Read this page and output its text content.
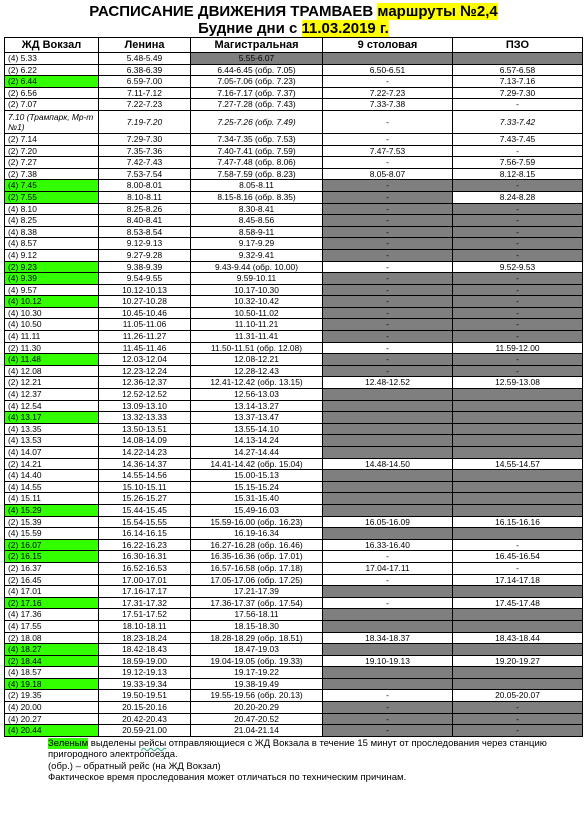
РАСПИСАНИЕ ДВИЖЕНИЯ ТРАМВАЕВ маршруты №2,4
Будние дни с 11.03.2019 г.
ЖД Вокзал	Ленина	Магистральная	9 столовая	ПЗО
(4) 5.33	5.48-5.49	5.55-6.07		
(2) 6.22	6.38-6.39	6.44-6.45 (обр. 7.05)	6.50-6.51	6.57-6.58
(2) 6.44	6.59-7.00	7.05-7.06 (обр. 7.23)	-	7.13-7.16
(2) 6.56	7.11-7.12	7.16-7.17 (обр. 7.37)	7.22-7.23	7.29-7.30
(2) 7.07	7.22-7.23	7.27-7.28 (обр. 7.43)	7.33-7.38	-
7.10 (Трампарк, Мр-т №1)	7.19-7.20	7.25-7.26 (обр. 7.49)	-	7.33-7.42
(2) 7.14	7.29-7.30	7.34-7.35 (обр. 7.53)	-	7.43-7.45
(2) 7.20	7.35-7.36	7.40-7.41 (обр. 7.59)	7.47-7.53	-
(2) 7.27	7.42-7.43	7.47-7.48 (обр. 8.06)	-	7.56-7.59
(2) 7.38	7.53-7.54	7.58-7.59 (обр. 8.23)	8.05-8.07	8.12-8.15
(4) 7.45	8.00-8.01	8.05-8.11	-	-
(2) 7.55	8.10-8.11	8.15-8.16 (обр. 8.35)	-	8.24-8.28
(4) 8.10	8.25-8.26	8.30-8.41	-	-
(4) 8.25	8.40-8.41	8.45-8.56	-	-
(4) 8.38	8.53-8.54	8.58-9-11	-	-
(4) 8.57	9.12-9.13	9.17-9.29	-	-
(4) 9.12	9.27-9.28	9.32-9.41	-	-
(2) 9.23	9.38-9.39	9.43-9.44 (обр. 10.00)	-	9.52-9.53
(4) 9.39	9.54-9.55	9.59-10.11	-	-
(4) 9.57	10.12-10.13	10.17-10.30	-	-
(4) 10.12	10.27-10.28	10.32-10.42	-	-
(4) 10.30	10.45-10.46	10.50-11.02	-	-
(4) 10.50	11.05-11.06	11.10-11.21	-	-
(4) 11.11	11.26-11.27	11.31-11.41	-	-
(2) 11.30	11.45-11.46	11.50-11.51 (обр. 12.08)	-	11.59-12.00
(4) 11.48	12.03-12.04	12.08-12.21	-	-
(4) 12.08	12.23-12.24	12.28-12.43	-	-
(2) 12.21	12.36-12.37	12.41-12.42 (обр. 13.15)	12.48-12.52	12.59-13.08
(4) 12.37	12.52-12.52	12.56-13.03		
(4) 12.54	13.09-13.10	13.14-13.27		
(4) 13.17	13.32-13.33	13.37-13.47		
(4) 13.35	13.50-13.51	13.55-14.10		
(4) 13.53	14.08-14.09	14.13-14.24		
(4) 14.07	14.22-14.23	14.27-14.44		
(2) 14.21	14.36-14.37	14.41-14.42 (обр. 15.04)	14.48-14.50	14.55-14.57
(4) 14.40	14.55-14.56	15.00-15.13		
(4) 14.55	15.10-15.11	15.15-15.24		
(4) 15.11	15.26-15.27	15.31-15.40		
(4) 15.29	15.44-15.45	15.49-16.03		
(2) 15.39	15.54-15.55	15.59-16.00 (обр. 16.23)	16.05-16.09	16.15-16.16
(4) 15.59	16.14-16.15	16.19-16.34		
(2) 16.07	16.22-16.23	16.27-16.28 (обр. 16.46)	16.33-16.40	-
(2) 16.15	16.30-16.31	16.35-16.36 (обр. 17.01)	-	16.45-16.54
(2) 16.37	16.52-16.53	16.57-16.58 (обр. 17.18)	17.04-17.11	-
(2) 16.45	17.00-17.01	17.05-17.06 (обр. 17.25)	-	17.14-17.18
(4) 17.01	17.16-17.17	17.21-17.39		
(2) 17.16	17.31-17.32	17.36-17.37 (обр. 17.54)	-	17.45-17.48
(4) 17.36	17.51-17.52	17.56-18.11		
(4) 17.55	18.10-18.11	18.15-18.30		
(2) 18.08	18.23-18.24	18.28-18.29 (обр. 18.51)	18.34-18.37	18.43-18.44
(4) 18.27	18.42-18.43	18.47-19.03		
(2) 18.44	18.59-19.00	19.04-19.05 (обр. 19.33)	19.10-19.13	19.20-19.27
(4) 18.57	19.12-19.13	19.17-19.22		
(4) 19.18	19.33-19.34	19.38-19.49		
(2) 19.35	19.50-19.51	19.55-19.56 (обр. 20.13)	-	20.05-20.07
(4) 20.00	20.15-20.16	20.20-20.29	-	-
(4) 20.27	20.42-20.43	20.47-20.52	-	-
(4) 20.44	20.59-21.00	21.04-21.14	-	-
Зеленым выделены рейсы отправляющиеся с ЖД Вокзала в течение 15 минут от проследования через станцию пригородного электропоезда.
(обр.) – обратный рейс (на ЖД Вокзал)
Фактическое время проследования может отличаться по техническим причинам.
